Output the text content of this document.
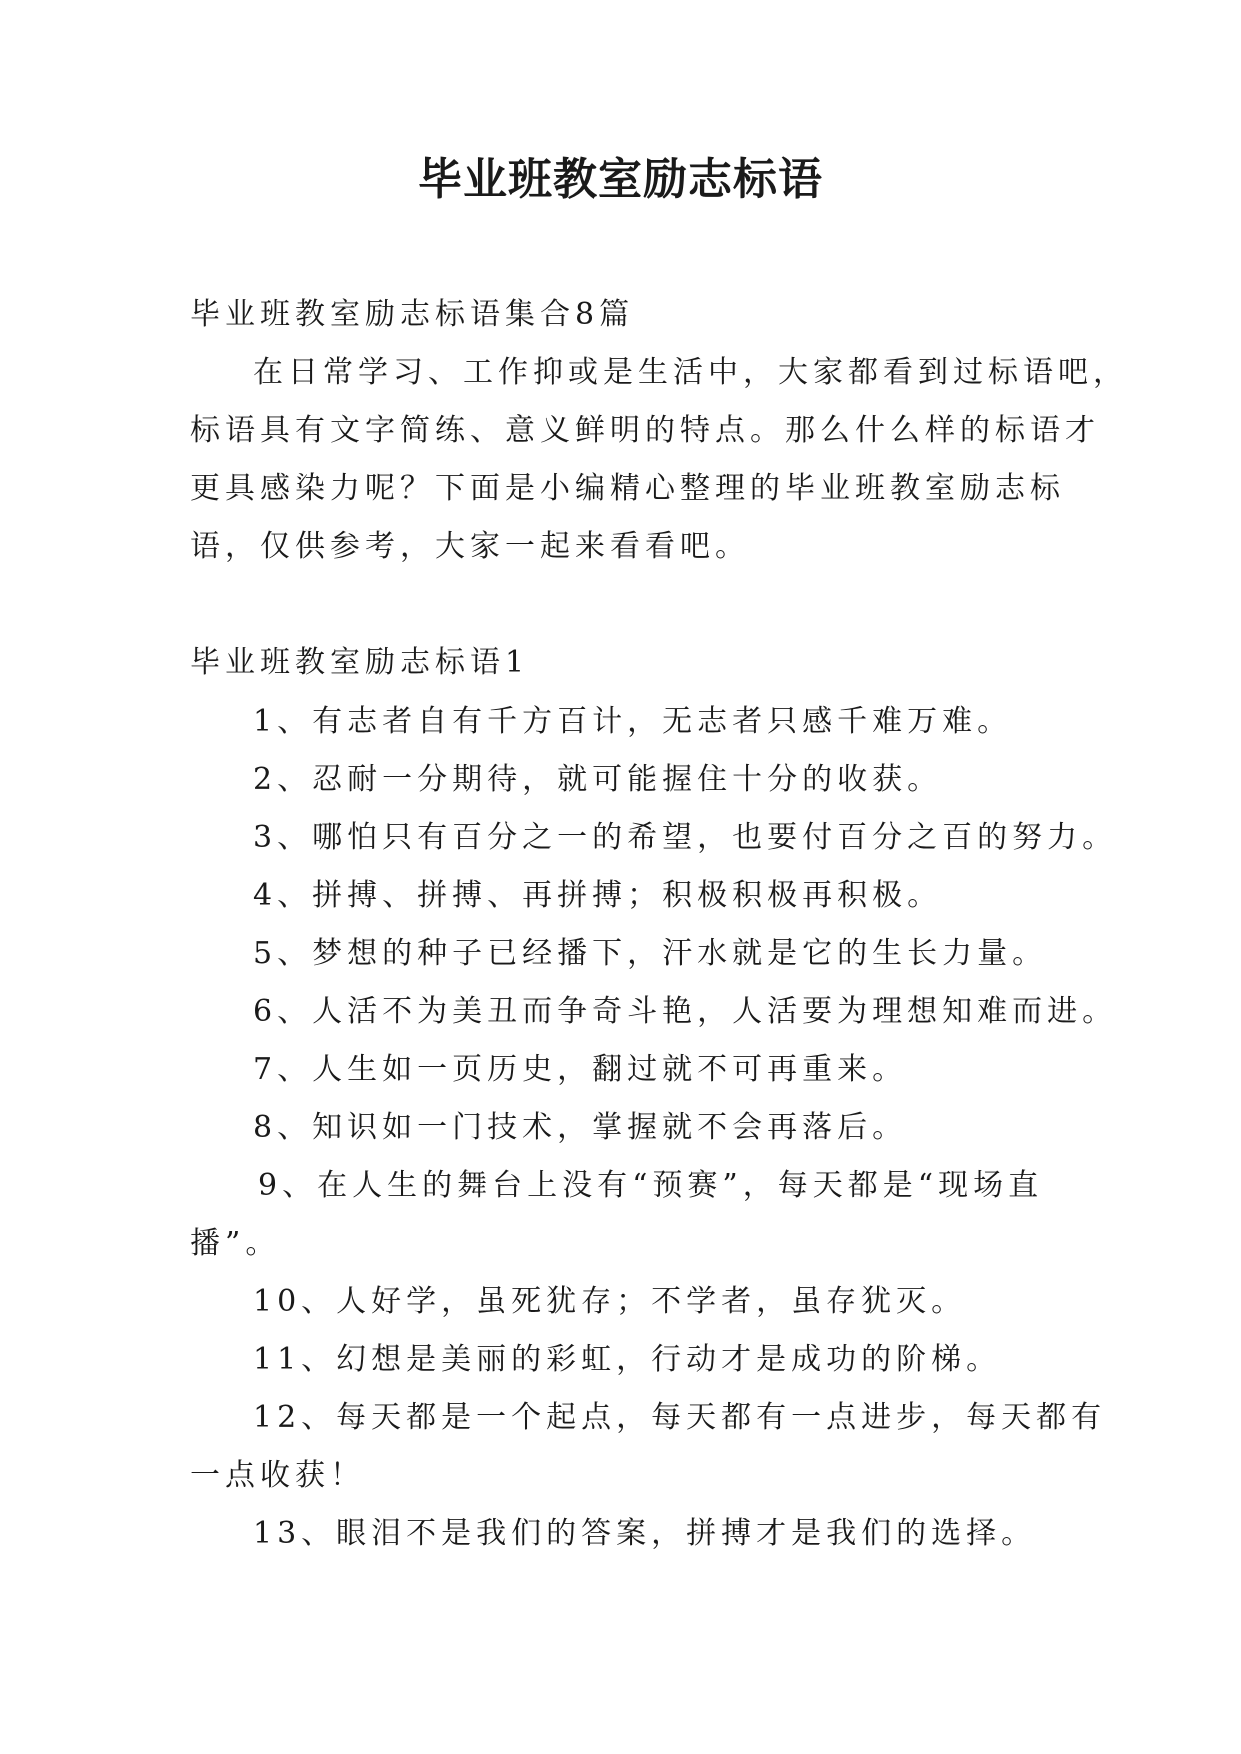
毕业班教室励志标语
毕业班教室励志标语集合8篇
在日常学习、工作抑或是生活中，大家都看到过标语吧，
标语具有文字简练、意义鲜明的特点。那么什么样的标语才
更具感染力呢？下面是小编精心整理的毕业班教室励志标
语，仅供参考，大家一起来看看吧。
毕业班教室励志标语1
1、有志者自有千方百计，无志者只感千难万难。
2、忍耐一分期待，就可能握住十分的收获。
3、哪怕只有百分之一的希望，也要付百分之百的努力。
4、拼搏、拼搏、再拼搏；积极积极再积极。
5、梦想的种子已经播下，汗水就是它的生长力量。
6、人活不为美丑而争奇斗艳，人活要为理想知难而进。
7、人生如一页历史，翻过就不可再重来。
8、知识如一门技术，掌握就不会再落后。
9、在人生的舞台上没有“预赛”，每天都是“现场直
播”。
10、人好学，虽死犹存；不学者，虽存犹灭。
11、幻想是美丽的彩虹，行动才是成功的阶梯。
12、每天都是一个起点，每天都有一点进步，每天都有
一点收获！
13、眼泪不是我们的答案，拼搏才是我们的选择。
